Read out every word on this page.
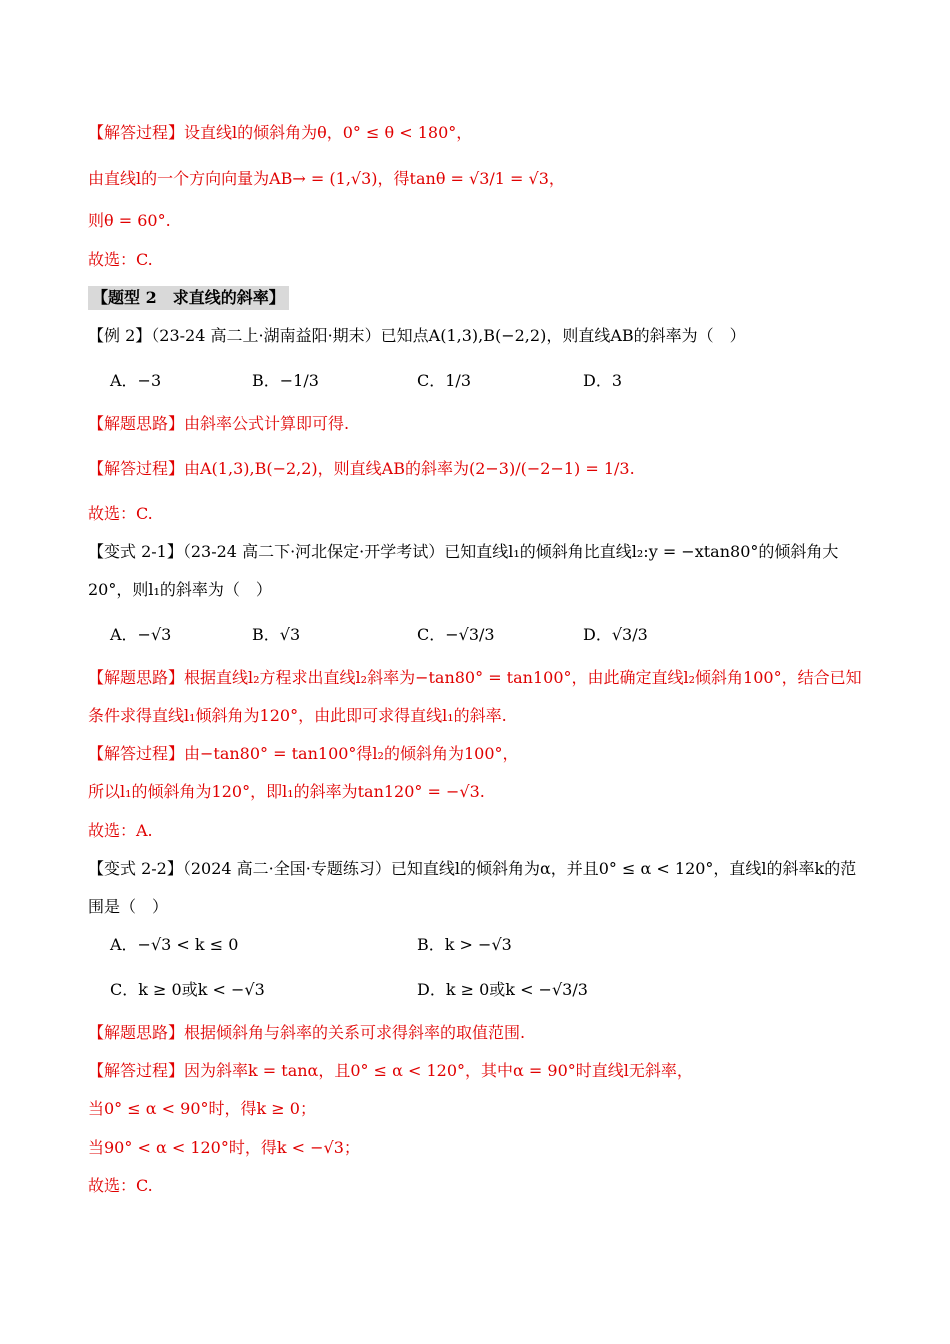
【解答过程】设直线l的倾斜角为θ，0° ≤ θ < 180°，
由直线l的一个方向向量为AB→ = (1,√3)，得tanθ = √3/1 = √3，
则θ = 60°.
故选：C.
【题型 2　求直线的斜率】
【例 2】（23-24 高二上·湖南益阳·期末）已知点A(1,3),B(−2,2)，则直线AB的斜率为（　）
A．−3	B．−1/3	C．1/3	D．3
【解题思路】由斜率公式计算即可得.
【解答过程】由A(1,3),B(−2,2)，则直线AB的斜率为(2−3)/(−2−1) = 1/3.
故选：C.
【变式 2-1】（23-24 高二下·河北保定·开学考试）已知直线l₁的倾斜角比直线l₂:y = −xtan80°的倾斜角大
20°，则l₁的斜率为（　）
A．−√3	B．√3	C．−√3/3	D．√3/3
【解题思路】根据直线l₂方程求出直线l₂斜率为−tan80° = tan100°，由此确定直线l₂倾斜角100°，结合已知
条件求得直线l₁倾斜角为120°，由此即可求得直线l₁的斜率.
【解答过程】由−tan80° = tan100°得l₂的倾斜角为100°，
所以l₁的倾斜角为120°，即l₁的斜率为tan120° = −√3.
故选：A.
【变式 2-2】（2024 高二·全国·专题练习）已知直线l的倾斜角为α，并且0° ≤ α < 120°，直线l的斜率k的范
围是（　）
A．−√3 < k ≤ 0	B．k > −√3
C．k ≥ 0或k < −√3	D．k ≥ 0或k < −√3/3
【解题思路】根据倾斜角与斜率的关系可求得斜率的取值范围.
【解答过程】因为斜率k = tanα，且0° ≤ α < 120°，其中α = 90°时直线l无斜率，
当0° ≤ α < 90°时，得k ≥ 0；
当90° < α < 120°时，得k < −√3；
故选：C.
